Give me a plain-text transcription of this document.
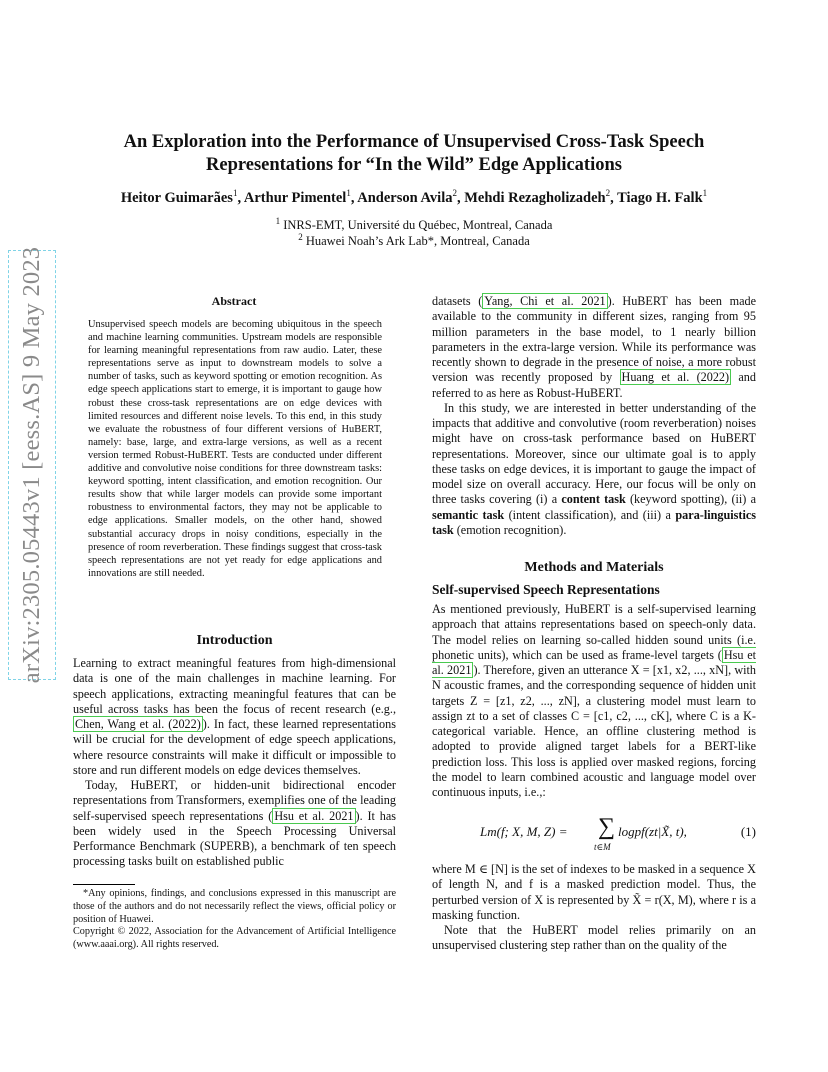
arXiv:2305.05443v1 [eess.AS] 9 May 2023
An Exploration into the Performance of Unsupervised Cross-Task Speech
Representations for “In the Wild” Edge Applications
Heitor Guimarães$^1$, Arthur Pimentel$^1$, Anderson Avila$^2$, Mehdi Rezagholizadeh$^2$, Tiago H. Falk$^1$
$^1$ INRS-EMT, Université du Québec, Montreal, Canada
$^2$ Huawei Noah’s Ark Lab*, Montreal, Canada
Abstract
Unsupervised speech models are becoming ubiquitous in the speech and machine learning communities. Upstream models are responsible for learning meaningful representations from raw audio. Later, these representations serve as input to downstream models to solve a number of tasks, such as keyword spotting or emotion recognition. As edge speech applications start to emerge, it is important to gauge how robust these cross-task representations are on edge devices with limited resources and different noise levels. To this end, in this study we evaluate the robustness of four different versions of HuBERT, namely: base, large, and extra-large versions, as well as a recent version termed Robust-HuBERT. Tests are conducted under different additive and convolutive noise conditions for three downstream tasks: keyword spotting, intent classification, and emotion recognition. Our results show that while larger models can provide some important robustness to environmental factors, they may not be applicable to edge applications. Smaller models, on the other hand, showed substantial accuracy drops in noisy conditions, especially in the presence of room reverberation. These findings suggest that cross-task speech representations are not yet ready for edge applications and innovations are still needed.
Introduction

Learning to extract meaningful features from high-dimensional data is one of the main challenges in machine learning. For speech applications, extracting meaningful features that can be useful across tasks has been the focus of recent research (e.g., Chen, Wang et al. (2022) ). In fact, these learned representations will be crucial for the development of edge speech applications, where resource constraints will make it difficult or impossible to store and run different models on edge devices themselves.

Today, HuBERT, or hidden-unit bidirectional encoder representations from Transformers, exemplifies one of the leading self-supervised speech representations ( Hsu et al. 2021 ). It has been widely used in the Speech Processing Universal Performance Benchmark (SUPERB), a benchmark of ten speech processing tasks built on established public

*Any opinions, findings, and conclusions expressed in this manuscript are those of the authors and do not necessarily reflect the views, official policy or position of Huawei.

Copyright © 2022, Association for the Advancement of Artificial Intelligence (www.aaai.org). All rights reserved.

datasets ( Yang, Chi et al. 2021 ). HuBERT has been made available to the community in different sizes, ranging from 95 million parameters in the base model, to 1 nearly billion parameters in the extra-large version. While its performance was recently shown to degrade in the presence of noise, a more robust version was recently proposed by Huang et al. (2022) and referred to as here as Robust-HuBERT.

In this study, we are interested in better understanding of the impacts that additive and convolutive (room reverberation) noises might have on cross-task performance based on HuBERT representations. Moreover, since our ultimate goal is to apply these tasks on edge devices, it is important to gauge the impact of model size on overall accuracy. Here, our focus will be only on three tasks covering (i) a content task (keyword spotting), (ii) a semantic task (intent classification), and (iii) a para-linguistics task (emotion recognition).

Methods and Materials
Self-supervised Speech Representations

As mentioned previously, HuBERT is a self-supervised learning approach that attains representations based on speech-only data. The model relies on learning so-called hidden sound units (i.e. phonetic units), which can be used as frame-level targets ( Hsu et al. 2021 ). Therefore, given an utterance X = [x1, x2, ..., xN], with N acoustic frames, and the corresponding sequence of hidden unit targets Z = [z1, z2, ..., zN], a clustering model must learn to assign zt to a set of classes C = [c1, c2, ..., cK], where C is a K-categorical variable. Hence, an offline clustering method is adopted to provide aligned target labels for a BERT-like prediction loss. This loss is applied over masked regions, forcing the model to learn combined acoustic and language model over continuous inputs, i.e.,:

Lm(f; X, M, Z) = ∑
t∈M
logpf(zt|X̃, t),	(1)

where M ∈ [N] is the set of indexes to be masked in a sequence X of length N, and f is a masked prediction model. Thus, the perturbed version of X is represented by X̃ = r(X, M), where r is a masking function.

Note that the HuBERT model relies primarily on an unsupervised clustering step rather than on the quality of the
